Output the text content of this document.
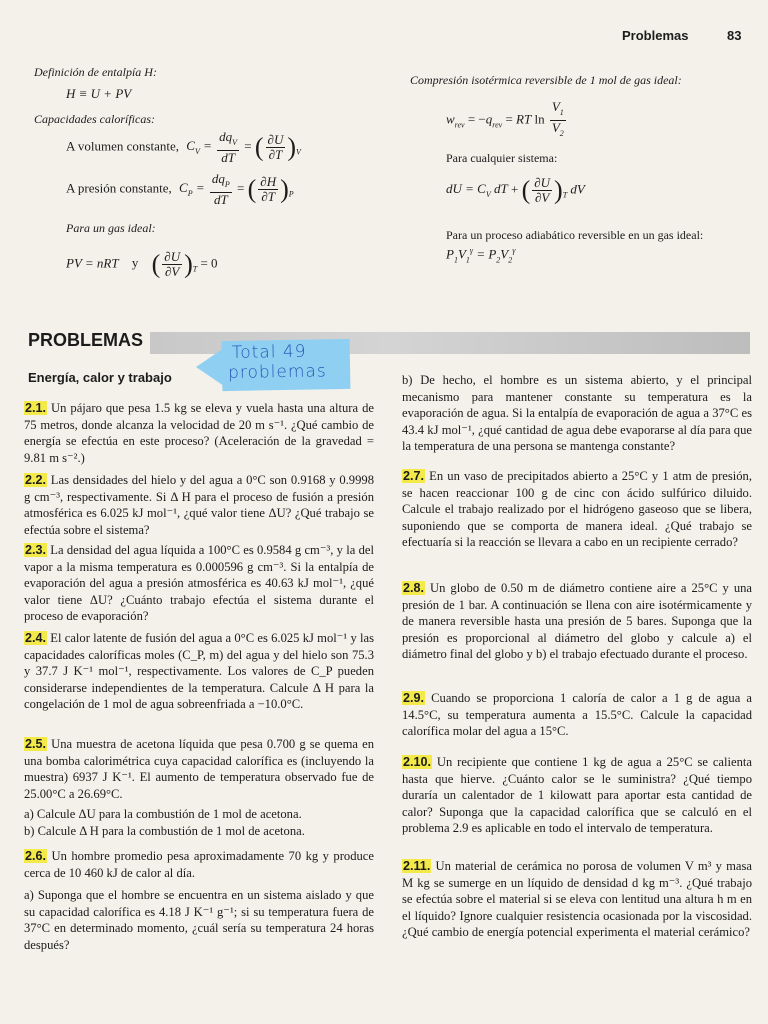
Problemas	83
Definición de entalpía H:
H ≡ U + PV
Capacidades caloríficas:
A volumen constante, $C_V = \frac{dq_V}{dT}$ = ( $\frac{\partial U}{\partial T} )_V$
A presión constante, $C_P = \frac{dq_P}{dT}$ = ( $\frac{\partial H}{\partial T} )_P$
Para un gas ideal:
PV = nRT y ( $\frac{\partial U}{\partial V} )_T = 0$
Compresión isotérmica reversible de 1 mol de gas ideal:
$w_{rev} = -q_{rev}$ = RT $\ln \frac{V_1}{V_2}$
Para cualquier sistema:
dU = $C_V$ dT + ( $\frac{\partial U}{\partial V} )_T$ dV
Para un proceso adiabático reversible en un gas ideal:
$P_1V_1^\gamma = P_2V_2^\gamma$
PROBLEMAS
Total 49
problemas
Energía, calor y trabajo
2.1. Un pájaro que pesa 1.5 kg se eleva y vuela hasta una altura de 75 metros, donde alcanza la velocidad de 20 m s⁻¹. ¿Qué cambio de energía se efectúa en este proceso? (Aceleración de la gravedad = 9.81 m s⁻².)
2.2. Las densidades del hielo y del agua a 0°C son 0.9168 y 0.9998 g cm⁻³, respectivamente. Si Δ H para el proceso de fusión a presión atmosférica es 6.025 kJ mol⁻¹, ¿qué valor tiene ΔU? ¿Qué trabajo se efectúa sobre el sistema?
2.3. La densidad del agua líquida a 100°C es 0.9584 g cm⁻³, y la del vapor a la misma temperatura es 0.000596 g cm⁻³. Si la entalpía de evaporación del agua a presión atmosférica es 40.63 kJ mol⁻¹, ¿qué valor tiene ΔU? ¿Cuánto trabajo efectúa el sistema durante el proceso de evaporación?
2.4. El calor latente de fusión del agua a 0°C es 6.025 kJ mol⁻¹ y las capacidades caloríficas moles (C_P, m) del agua y del hielo son 75.3 y 37.7 J K⁻¹ mol⁻¹, respectivamente. Los valores de C_P pueden considerarse independientes de la temperatura. Calcule Δ H para la congelación de 1 mol de agua sobreenfriada a −10.0°C.
2.5. Una muestra de acetona líquida que pesa 0.700 g se quema en una bomba calorimétrica cuya capacidad calorífica es (incluyendo la muestra) 6937 J K⁻¹. El aumento de temperatura observado fue de 25.00°C a 26.69°C.
a) Calcule ΔU para la combustión de 1 mol de acetona.
b) Calcule Δ H para la combustión de 1 mol de acetona.
2.6. Un hombre promedio pesa aproximadamente 70 kg y produce cerca de 10 460 kJ de calor al día.
a) Suponga que el hombre se encuentra en un sistema aislado y que su capacidad calorífica es 4.18 J K⁻¹ g⁻¹; si su temperatura fuera de 37°C en determinado momento, ¿cuál sería su temperatura 24 horas después?
b) De hecho, el hombre es un sistema abierto, y el principal mecanismo para mantener constante su temperatura es la evaporación de agua. Si la entalpía de evaporación de agua a 37°C es 43.4 kJ mol⁻¹, ¿qué cantidad de agua debe evaporarse al día para que la temperatura de una persona se mantenga constante?
2.7. En un vaso de precipitados abierto a 25°C y 1 atm de presión, se hacen reaccionar 100 g de cinc con ácido sulfúrico diluido. Calcule el trabajo realizado por el hidrógeno gaseoso que se libera, suponiendo que se comporta de manera ideal. ¿Qué trabajo se efectuaría si la reacción se llevara a cabo en un recipiente cerrado?
2.8. Un globo de 0.50 m de diámetro contiene aire a 25°C y una presión de 1 bar. A continuación se llena con aire isotérmicamente y de manera reversible hasta una presión de 5 bares. Suponga que la presión es proporcional al diámetro del globo y calcule a) el diámetro final del globo y b) el trabajo efectuado durante el proceso.
2.9. Cuando se proporciona 1 caloría de calor a 1 g de agua a 14.5°C, su temperatura aumenta a 15.5°C. Calcule la capacidad calorífica molar del agua a 15°C.
2.10. Un recipiente que contiene 1 kg de agua a 25°C se calienta hasta que hierve. ¿Cuánto calor se le suministra? ¿Qué tiempo duraría un calentador de 1 kilowatt para aportar esta cantidad de calor? Suponga que la capacidad calorífica que se calculó en el problema 2.9 es aplicable en todo el intervalo de temperatura.
2.11. Un material de cerámica no porosa de volumen V m³ y masa M kg se sumerge en un líquido de densidad d kg m⁻³. ¿Qué trabajo se efectúa sobre el material si se eleva con lentitud una altura h m en el líquido? Ignore cualquier resistencia ocasionada por la viscosidad. ¿Qué cambio de energía potencial experimenta el material cerámico?
